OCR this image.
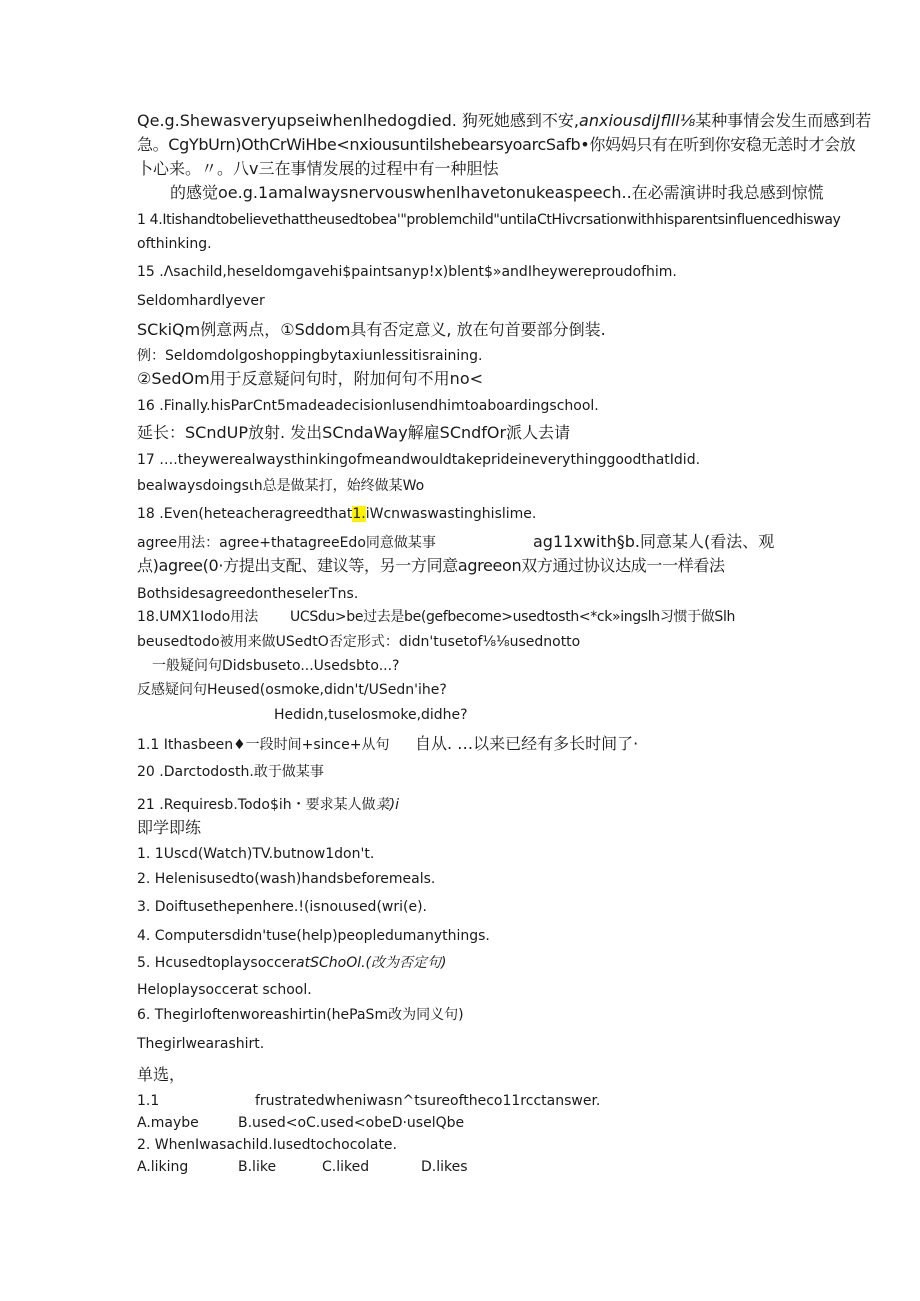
Qe.g.Shewasveryupseiwhenlhedogdied. 狗死她感到不安,anxiousdiJflll⅛某种事情会发生而感到若
急。CgYbUrn)OthCrWiHbe<nxiousuntilshebearsyoarcSafb•你妈妈只有在听到你安稳无恙时才会放
卜心来。〃。八v三在事情发展的过程中有一种胆怯
的感觉oe.g.1amalwaysnervouswhenlhavetonukeaspeech..在必需演讲时我总感到惊慌
1 4.Itishandtobelievethattheusedtobea'"problemchild"untilaCtHivcrsationwithhisparentsinfluencedhisway
ofthinking.
15 .Λsachild,heseldomgavehi$paintsanyp!x)blent$»andIheywereproudofhim.
Seldomhardlyever
SCkiQm例意两点，①Sddom具有否定意义, 放在句首要部分倒装.
例：Seldomdolgoshoppingbytaxiunlessitisraining.
②SedOm用于反意疑问句时，附加何句不用no<
16 .Finally.hisParCnt5madeadecisionlusendhimtoaboardingschool.
延长：SCndUP放射. 发出SCndaWay解雇SCndfOr派人去请
17 ….theywerealwaysthinkingofmeandwouldtakeprideineverythinggoodthatIdid.
bealwaysdoingsιh总是做某打，始终做某Wo
18 .Even(heteacheragreedthat1.iWcnwaswastinghislime.
agree用法：agree+thatagreeEdo同意做某事	ag11xwith§b.同意某人(看法、观
点)agree(0·方提出支配、建议等，另一方同意agreeon双方通过协议达成一一样看法
BothsidesagreedontheselerTns.
18.UMX1Iodo用法 UCSdu>be过去是be(gefbecome>usedtosth<*ck»ingslh习惯于做Slh
beusedtodo被用来做USedtO否定形式：didn'tusetof⅛⅛usednotto
一般疑问句Didsbuseto...Usedsbto...?
反感疑问句Heused(osmoke,didn't/USedn'ihe?
Hedidn,tuselosmoke,didhe?
1.1 Ithasbeen♦一段时间+since+从句 自从. …以来已经有多长时间了·
20 .Darctodosth.敢于做某事
21 .Requiresb.Todo$ih・要求某人做菜)i
即学即练
1. 1Uscd(Watch)TV.butnow1don't.
2. Helenisusedto(wash)handsbeforemeals.
3. Doiftusethepenhere.!(isnoιused(wri(e).
4. Computersdidn'tuse(help)peopledumanythings.
5. HcusedtoplaysocceratSChoOl.(改为否定句)
Heloplaysoccerat school.
6. Thegirloftenworeashirtin(hePaSm改为同义句)
Thegirlwearashirt.
单选，
1.1	frustratedwheniwasn^tsureofthecο11rcctanswer.
A.maybe	B.used<oC.used<obeD·uselQbe
2. WhenIwasachild.Iusedtochocolate.
A.liking	B.like	C.liked	D.likes
